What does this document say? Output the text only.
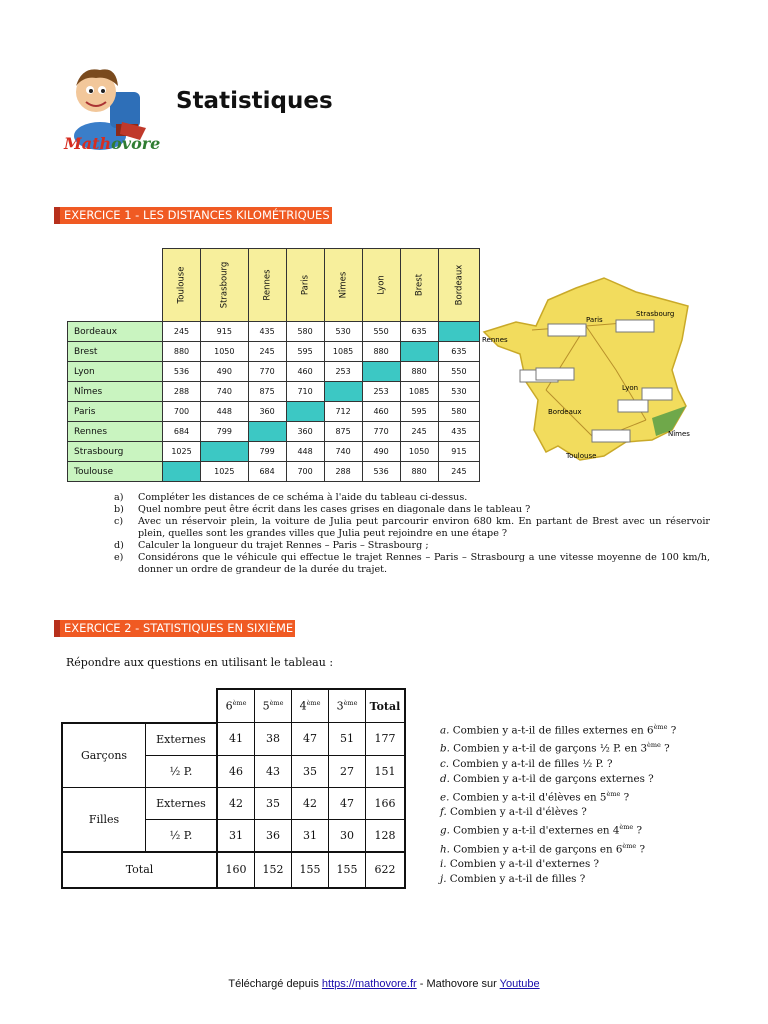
Mathovore
Statistiques
EXERCICE 1 - LES DISTANCES KILOMÉTRIQUES

	Toulouse	Strasbourg	Rennes	Paris	Nîmes	Lyon	Brest	Bordeaux

Bordeaux	245	915	435	580	530	550	635	
Brest	880	1050	245	595	1085	880		635
Lyon	536	490	770	460	253		880	550
Nîmes	288	740	875	710		253	1085	530
Paris	700	448	360		712	460	595	580
Rennes	684	799		360	875	770	245	435
Strasbourg	1025		799	448	740	490	1050	915
Toulouse		1025	684	700	288	536	880	245
Paris
Strasbourg
Rennes
Lyon
Bordeaux
Nîmes
Toulouse
a)	Compléter les distances de ce schéma à l'aide du tableau ci-dessus.
b)	Quel nombre peut être écrit dans les cases grises en diagonale dans le tableau ?
c)	Avec un réservoir plein, la voiture de Julia peut parcourir environ 680 km. En partant de Brest avec un réservoir plein, quelles sont les grandes villes que Julia peut rejoindre en une étape ?
d)	Calculer la longueur du trajet Rennes – Paris – Strasbourg ;
e)	Considérons que le véhicule qui effectue le trajet Rennes – Paris – Strasbourg a une vitesse moyenne de 100 km/h, donner un ordre de grandeur de la durée du trajet.
EXERCICE 2 - STATISTIQUES EN SIXIÈME
Répondre aux questions en utilisant le tableau :
		6ème	5ème	4ème	3ème	Total
Garçons	Externes	41	38	47	51	177
	½ P.	46	43	35	27	151
Filles	Externes	42	35	42	47	166
	½ P.	31	36	31	30	128
Total		160	152	155	155	622
a. Combien y a-t-il de filles externes en 6ème ?
b. Combien y a-t-il de garçons ½ P. en 3ème ?
c. Combien y a-t-il de filles ½ P. ?
d. Combien y a-t-il de garçons externes ?
e. Combien y a-t-il d'élèves en 5ème ?
f. Combien y a-t-il d'élèves ?
g. Combien y a-t-il d'externes en 4ème ?
h. Combien y a-t-il de garçons en 6ème ?
i. Combien y a-t-il d'externes ?
j. Combien y a-t-il de filles ?
Téléchargé depuis https://mathovore.fr - Mathovore sur Youtube
